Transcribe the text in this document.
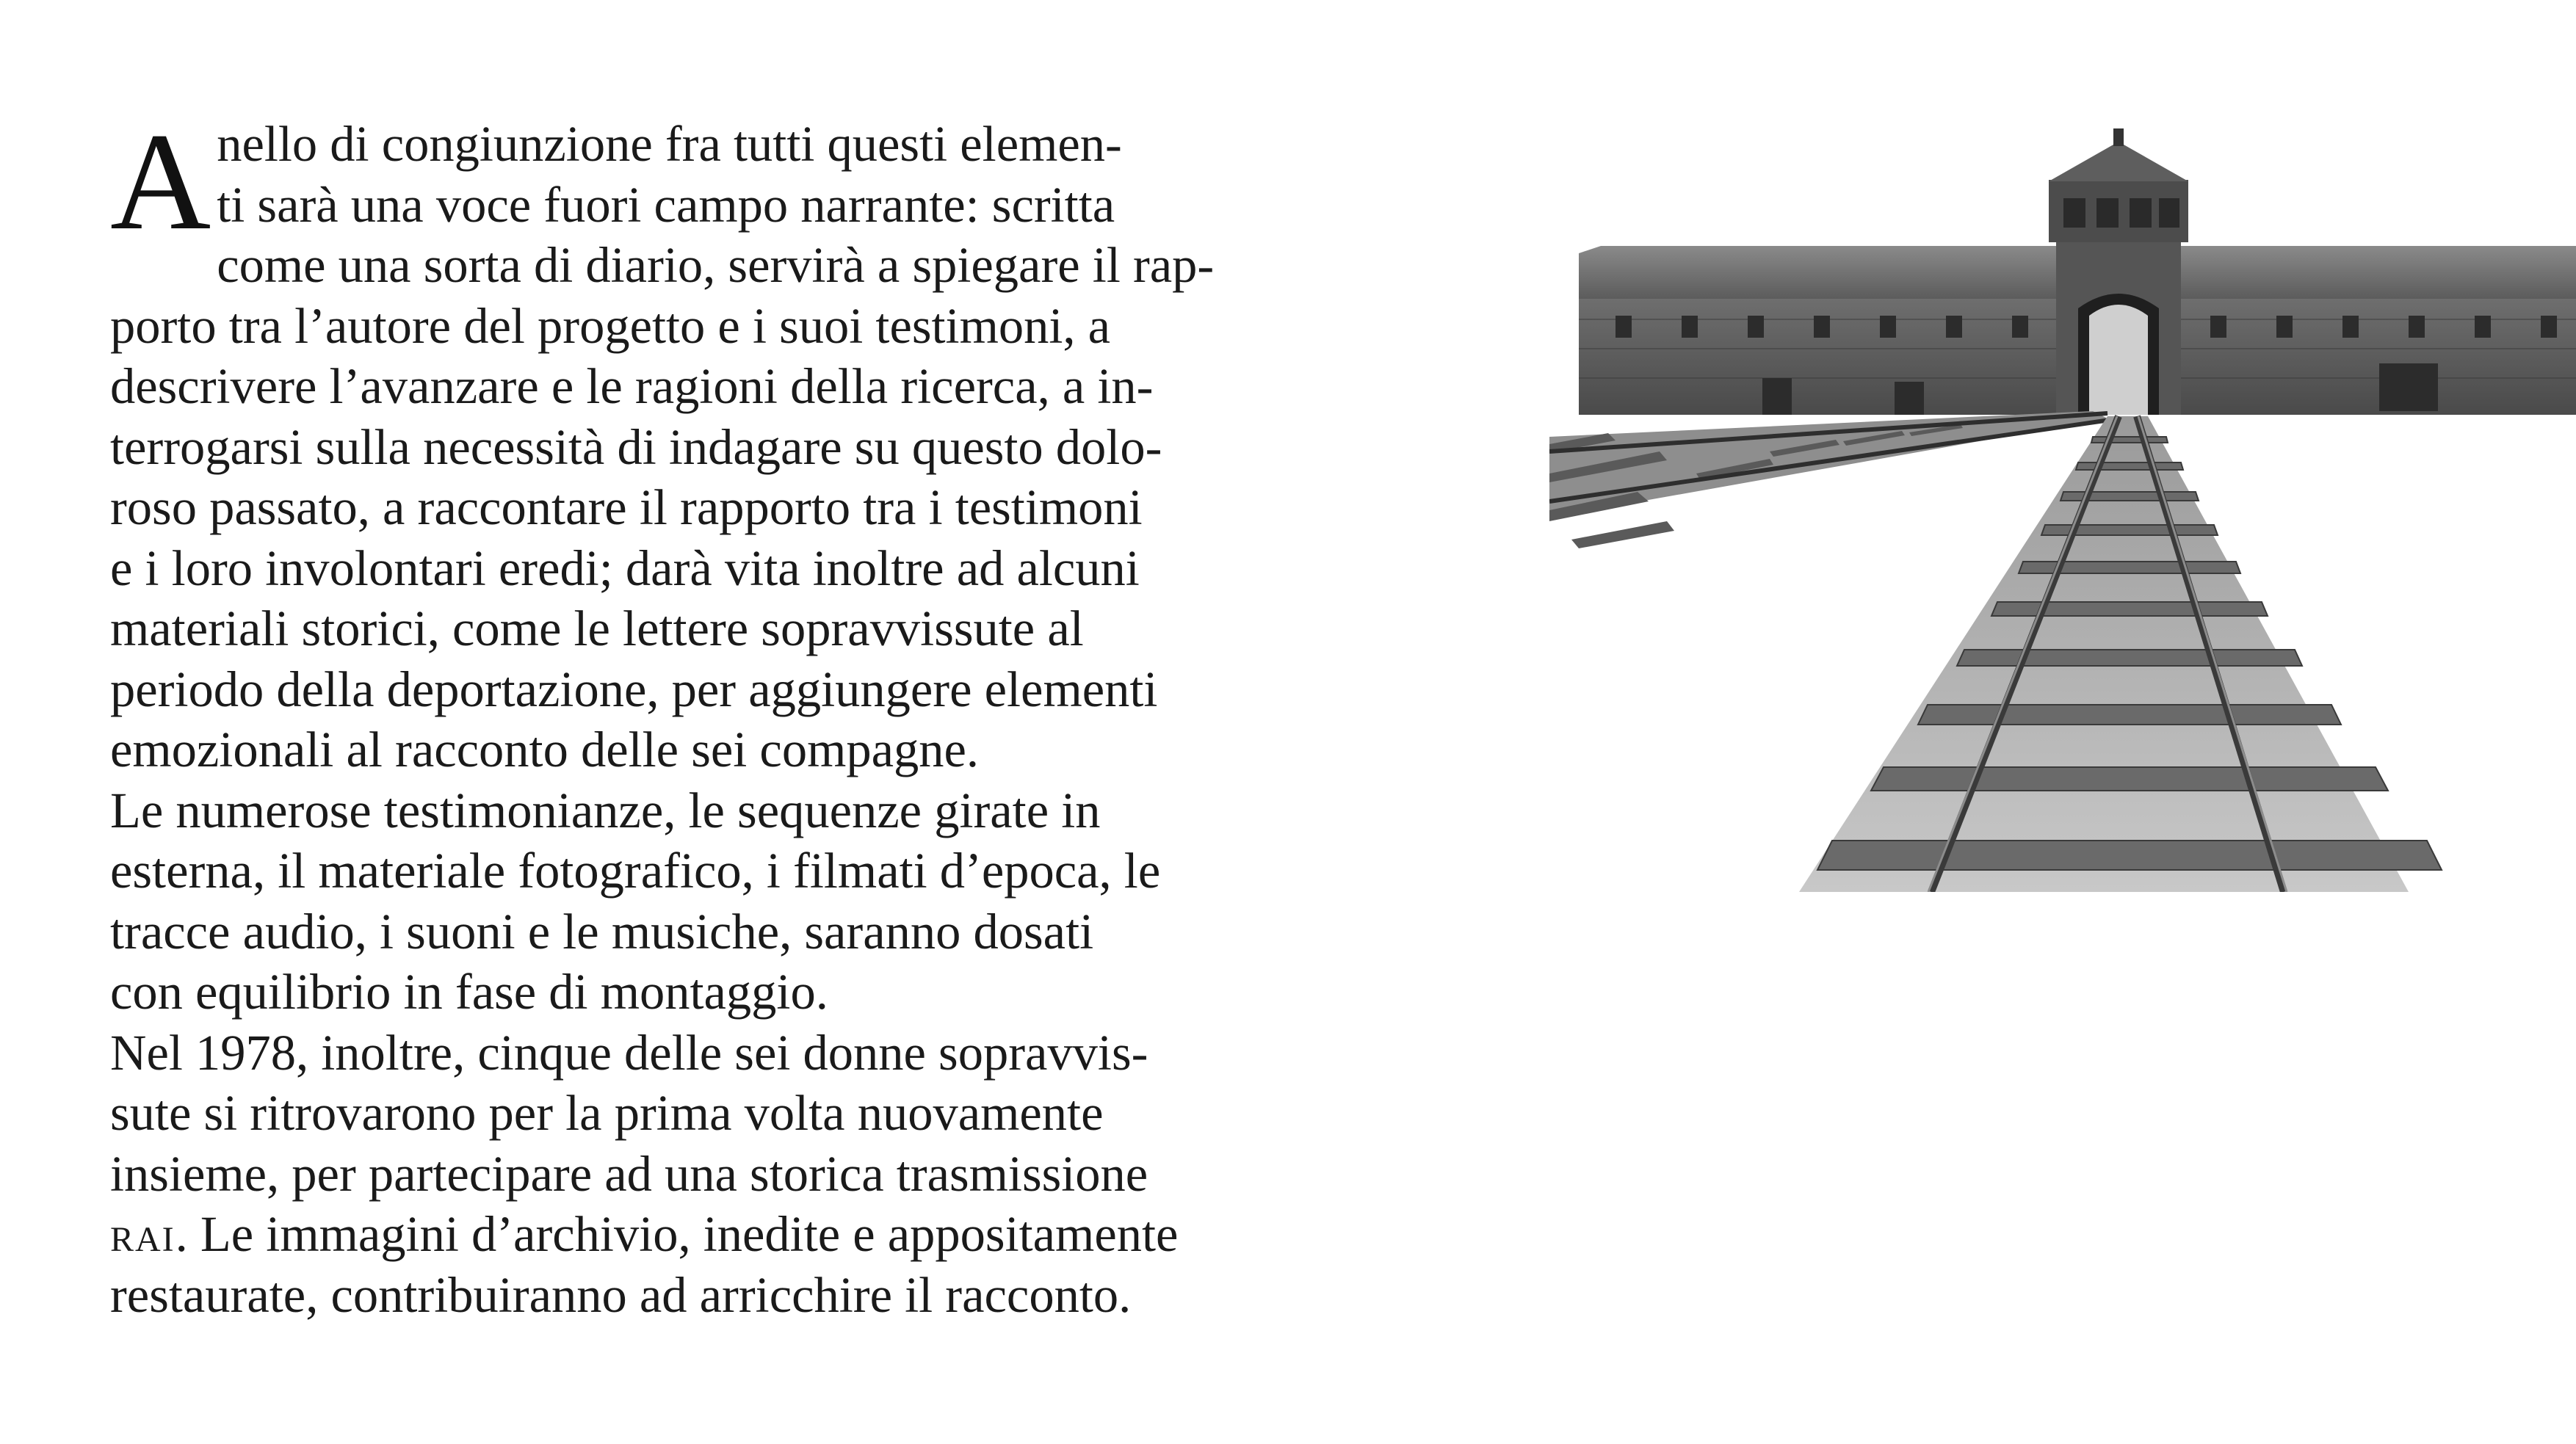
A nello di congiunzione fra tutti questi elemen-
ti sarà una voce fuori campo narrante: scritta
come una sorta di diario, servirà a spiegare il rap-
porto tra l’autore del progetto e i suoi testimoni, a
descrivere l’avanzare e le ragioni della ricerca, a in-
terrogarsi sulla necessità di indagare su questo dolo-
roso passato, a raccontare il rapporto tra i testimoni
e i loro involontari eredi; darà vita inoltre ad alcuni
materiali storici, come le lettere sopravvissute al
periodo della deportazione, per aggiungere elementi
emozionali al racconto delle sei compagne.
Le numerose testimonianze, le sequenze girate in
esterna, il materiale fotografico, i filmati d’epoca, le
tracce audio, i suoni e le musiche, saranno dosati
con equilibrio in fase di montaggio.
Nel 1978, inoltre, cinque delle sei donne sopravvis-
sute si ritrovarono per la prima volta nuovamente
insieme, per partecipare ad una storica trasmissione
rai. Le immagini d’archivio, inedite e appositamente
restaurate, contribuiranno ad arricchire il racconto.
